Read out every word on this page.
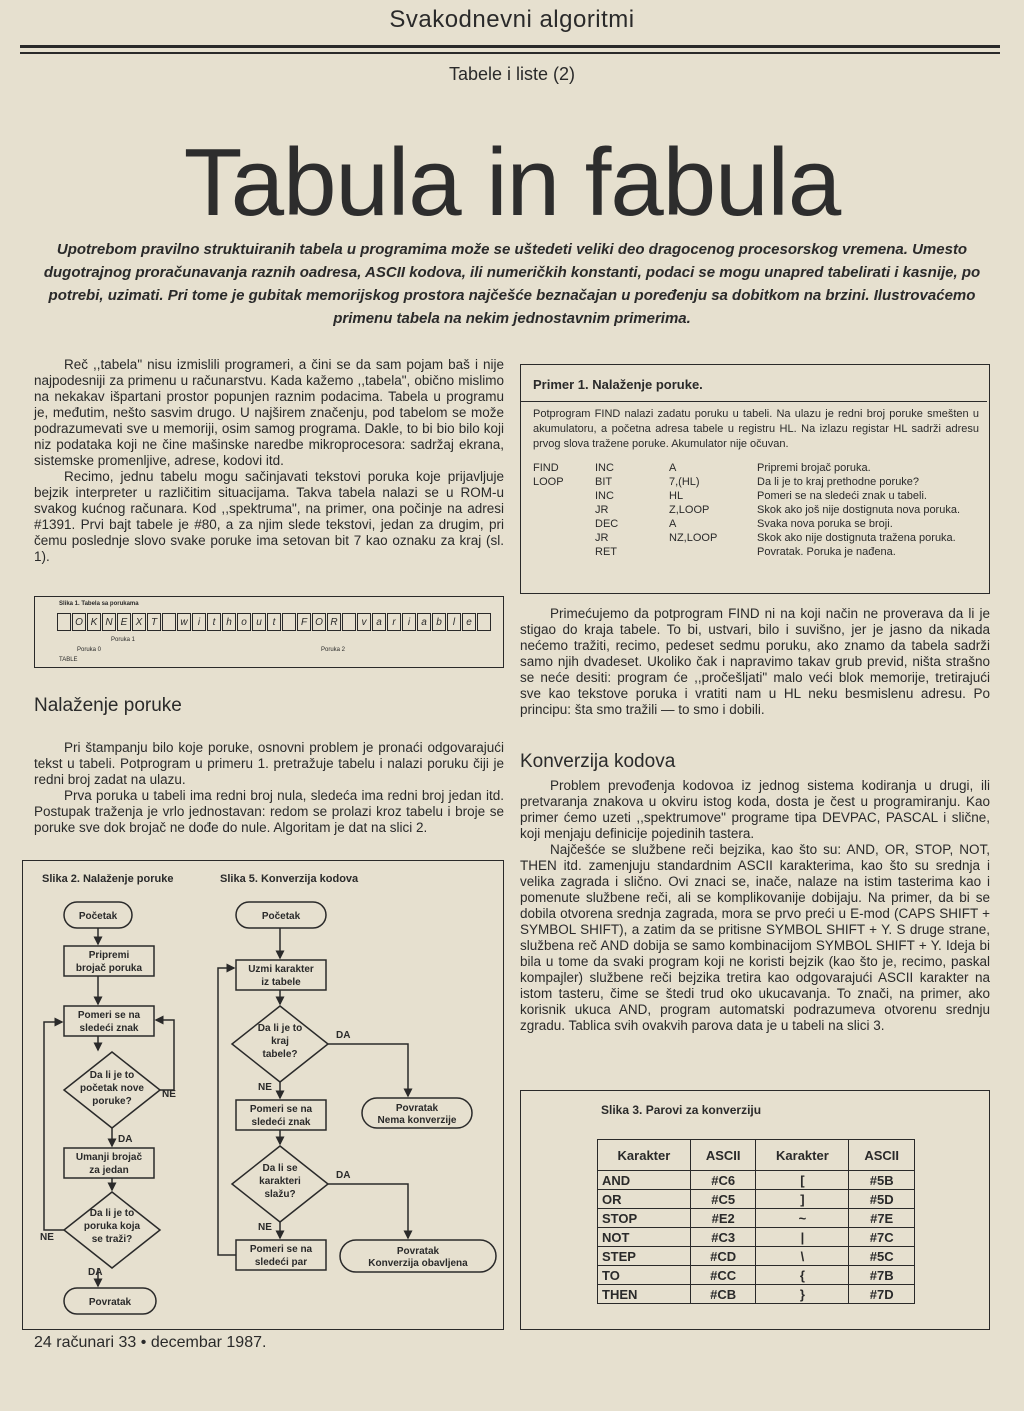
Svakodnevni algoritmi
Tabele i liste (2)
Tabula in fabula
Upotrebom pravilno struktuiranih tabela u programima može se uštedeti veliki deo dragocenog procesorskog vremena. Umesto dugotrajnog proračunavanja raznih oadresa, ASCII kodova, ili numeričkih konstanti, podaci se mogu unapred tabelirati i kasnije, po potrebi, uzimati. Pri tome je gubitak memorijskog prostora najčešće beznačajan u poređenju sa dobitkom na brzini. Ilustrovaćemo primenu tabela na nekim jednostavnim primerima.

Reč ,,tabela" nisu izmislili programeri, a čini se da sam pojam baš i nije najpodesniji za primenu u računarstvu. Kada kažemo ,,tabela", obično mislimo na nekakav išpartani prostor popunjen raznim podacima. Tabela u programu je, međutim, nešto sasvim drugo. U najširem značenju, pod tabelom se može podrazumevati sve u memoriji, osim samog programa. Dakle, to bi bio bilo koji niz podataka koji ne čine mašinske naredbe mikroprocesora: sadržaj ekrana, sistemske promenljive, adrese, kodovi itd.

Recimo, jednu tabelu mogu sačinjavati tekstovi poruka koje prijavljuje bejzik interpreter u različitim situacijama. Takva tabela nalazi se u ROM-u svakog kućnog računara. Kod ,,spektruma", na primer, ona počinje na adresi #1391. Prvi bajt tabele je #80, a za njim slede tekstovi, jedan za drugim, pri čemu poslednje slovo svake poruke ima setovan bit 7 kao oznaku za kraj (sl. 1).

Slika 1. Tabela sa porukama
O K N E X T	w	i	t	h o u	t	F O R	v a	r	i	a b	l	e
Poruka 1
Poruka 0
TABLE
Poruka 2
Nalaženje poruke

Pri štampanju bilo koje poruke, osnovni problem je pronaći odgovarajući tekst u tabeli. Potprogram u primeru 1. pretražuje tabelu i nalazi poruku čiji je redni broj zadat na ulazu.

Prva poruka u tabeli ima redni broj nula, sledeća ima redni broj jedan itd. Postupak traženja je vrlo jednostavan: redom se prolazi kroz tabelu i broje se poruke sve dok brojač ne dođe do nule. Algoritam je dat na slici 2.

Slika 2. Nalaženje poruke	Slika 5. Konverzija kodova
Početak
Pripremi
brojač poruka
Pomeri se na
sledeći znak
Da li je to
početak nove
poruke?
NE
DA
Umanji brojač
za jedan
Da li je to
poruka koja
se traži?
NE
DA
Povratak
Početak
Uzmi karakter
iz tabele
Da li je to
kraj
tabele?
DA
NE
Povratak
Nema konverzije
Pomeri se na
sledeći znak
Da li se
karakteri
slažu?
DA
NE
Pomeri se na
sledeći par
Povratak
Konverzija obavljena
Primer 1. Nalaženje poruke.
Potprogram FIND nalazi zadatu poruku u tabeli. Na ulazu je redni broj poruke smešten u akumulatoru, a početna adresa tabele u registru HL. Na izlazu registar HL sadrži adresu prvog slova tražene poruke. Akumulator nije očuvan.
FIND	INC	A	Pripremi brojač poruka.
LOOP	BIT	7,(HL)	Da li je to kraj prethodne poruke?
	INC	HL	Pomeri se na sledeći znak u tabeli.
	JR	Z,LOOP	Skok ako još nije dostignuta nova poruka.
	DEC	A	Svaka nova poruka se broji.
	JR	NZ,LOOP	Skok ako nije dostignuta tražena poruka.
	RET		Povratak. Poruka je nađena.

Primećujemo da potprogram FIND ni na koji način ne proverava da li je stigao do kraja tabele. To bi, ustvari, bilo i suvišno, jer je jasno da nikada nećemo tražiti, recimo, pedeset sedmu poruku, ako znamo da tabela sadrži samo njih dvadeset. Ukoliko čak i napravimo takav grub previd, ništa strašno se neće desiti: program će ,,pročešljati" malo veći blok memorije, tretirajući sve kao tekstove poruka i vratiti nam u HL neku besmislenu adresu. Po principu: šta smo tražili — to smo i dobili.

Konverzija kodova

Problem prevođenja kodovoa iz jednog sistema kodiranja u drugi, ili pretvaranja znakova u okviru istog koda, dosta je čest u programiranju. Kao primer ćemo uzeti ,,spektrumove" programe tipa DEVPAC, PASCAL i slične, koji menjaju definicije pojedinih tastera.

Najčešće se službene reči bejzika, kao što su: AND, OR, STOP, NOT, THEN itd. zamenjuju standardnim ASCII karakterima, kao što su srednja i velika zagrada i slično. Ovi znaci se, inače, nalaze na istim tasterima kao i pomenute službene reči, ali se komplikovanije dobijaju. Na primer, da bi se dobila otvorena srednja zagrada, mora se prvo preći u E-mod (CAPS SHIFT + SYMBOL SHIFT), a zatim da se pritisne SYMBOL SHIFT + Y. S druge strane, službena reč AND dobija se samo kombinacijom SYMBOL SHIFT + Y. Ideja bi bila u tome da svaki program koji ne koristi bejzik (kao što je, recimo, paskal kompajler) službene reči bejzika tretira kao odgovarajući ASCII karakter na istom tasteru, čime se štedi trud oko ukucavanja. To znači, na primer, ako korisnik ukuca AND, program automatski podrazumeva otvorenu srednju zgradu. Tablica svih ovakvih parova data je u tabeli na slici 3.

Slika 3. Parovi za konverziju
Karakter	ASCII	Karakter	ASCII
AND	#C6	[	#5B
OR	#C5	]	#5D
STOP	#E2	~	#7E
NOT	#C3	|	#7C
STEP	#CD	\	#5C
TO	#CC	{	#7B
THEN	#CB	}	#7D
24 računari 33 • decembar 1987.
